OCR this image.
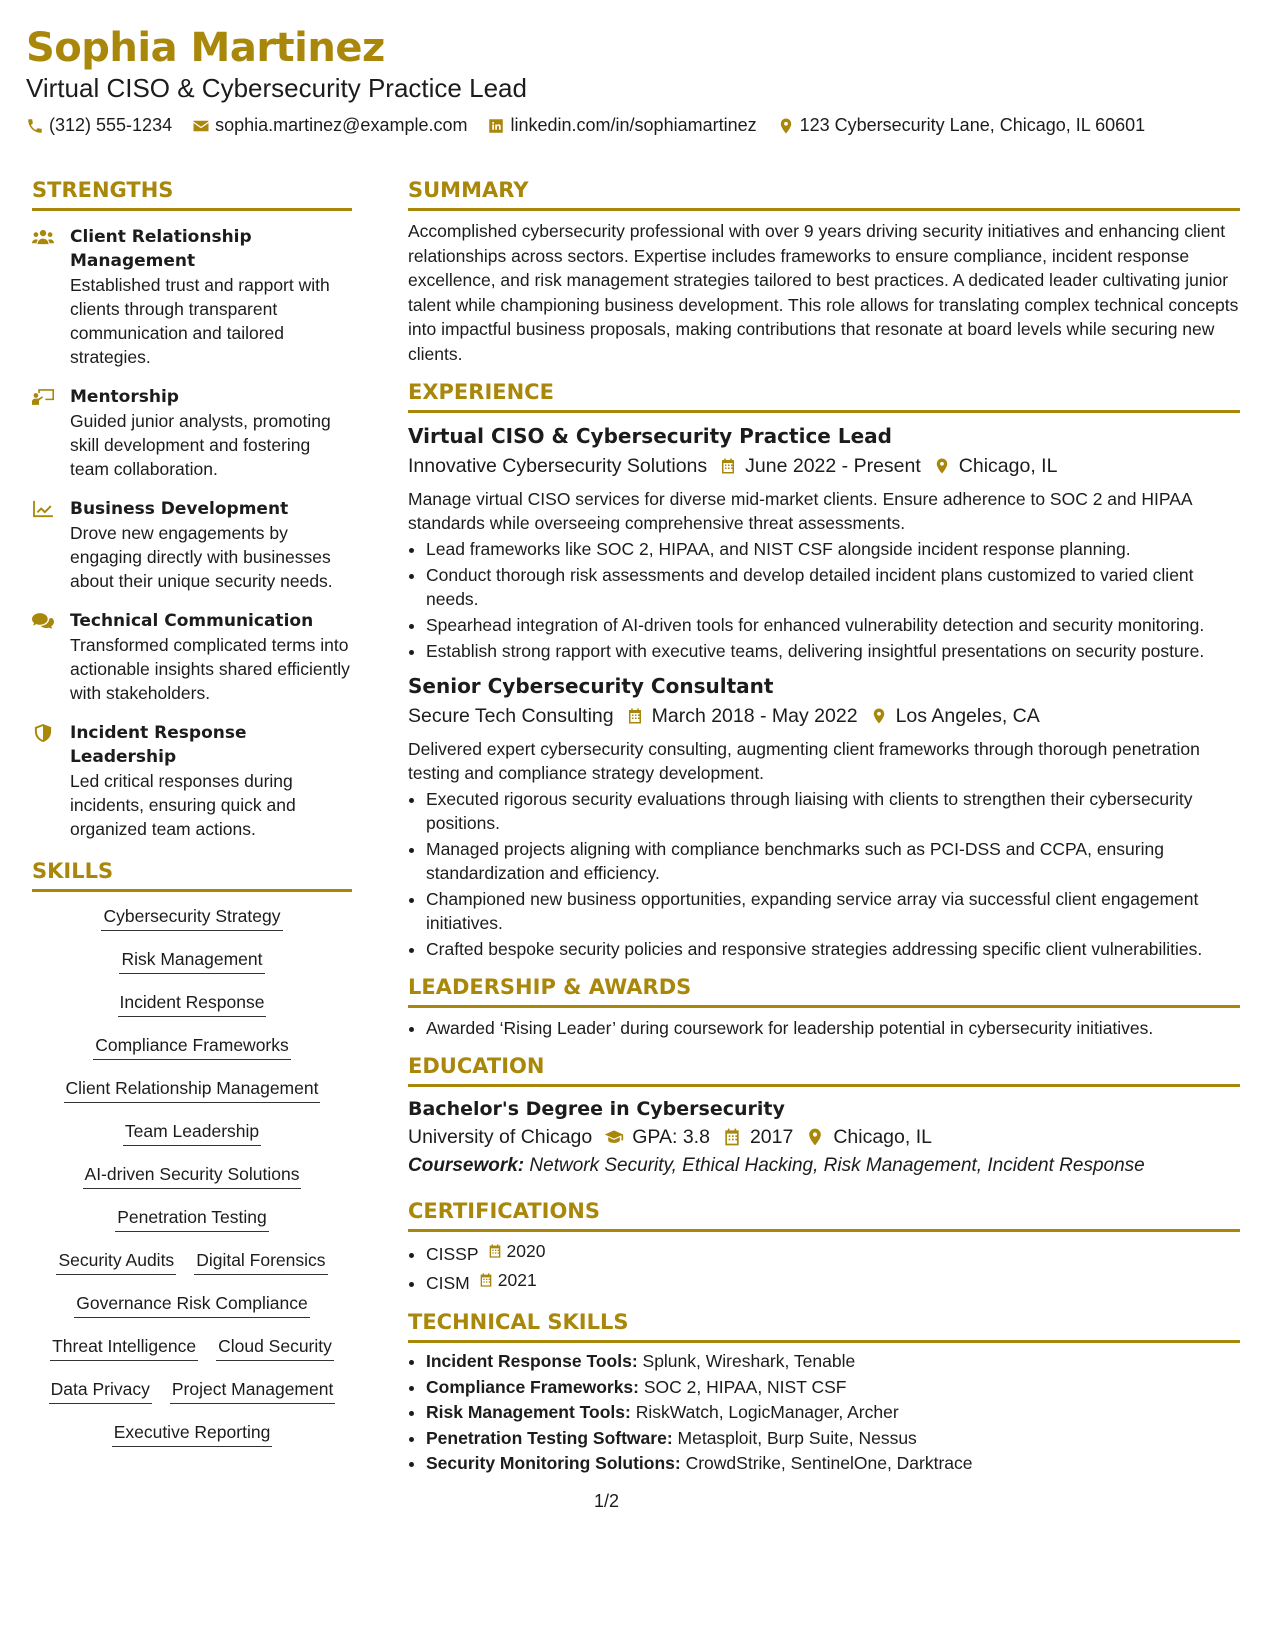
Sophia Martinez
Virtual CISO & Cybersecurity Practice Lead
(312) 555-1234 sophia.martinez@example.com linkedin.com/in/sophiamartinez 123 Cybersecurity Lane, Chicago, IL 60601
STRENGTHS
Client Relationship Management
Established trust and rapport with clients through transparent communication and tailored strategies.
Mentorship
Guided junior analysts, promoting skill development and fostering team collaboration.
Business Development
Drove new engagements by engaging directly with businesses about their unique security needs.
Technical Communication
Transformed complicated terms into actionable insights shared efficiently with stakeholders.
Incident Response Leadership
Led critical responses during incidents, ensuring quick and organized team actions.
SKILLS
Cybersecurity Strategy
Risk Management
Incident Response
Compliance Frameworks
Client Relationship Management
Team Leadership
AI-driven Security Solutions
Penetration Testing
Security Audits Digital Forensics
Governance Risk Compliance
Threat Intelligence Cloud Security
Data Privacy Project Management
Executive Reporting
SUMMARY
Accomplished cybersecurity professional with over 9 years driving security initiatives and enhancing client relationships across sectors. Expertise includes frameworks to ensure compliance, incident response excellence, and risk management strategies tailored to best practices. A dedicated leader cultivating junior talent while championing business development. This role allows for translating complex technical concepts into impactful business proposals, making contributions that resonate at board levels while securing new clients.
EXPERIENCE
Virtual CISO & Cybersecurity Practice Lead
Innovative Cybersecurity Solutions June 2022 - Present Chicago, IL
Manage virtual CISO services for diverse mid-market clients. Ensure adherence to SOC 2 and HIPAA standards while overseeing comprehensive threat assessments.
• Lead frameworks like SOC 2, HIPAA, and NIST CSF alongside incident response planning.
• Conduct thorough risk assessments and develop detailed incident plans customized to varied client needs.
• Spearhead integration of AI-driven tools for enhanced vulnerability detection and security monitoring.
• Establish strong rapport with executive teams, delivering insightful presentations on security posture.
Senior Cybersecurity Consultant
Secure Tech Consulting March 2018 - May 2022 Los Angeles, CA
Delivered expert cybersecurity consulting, augmenting client frameworks through thorough penetration testing and compliance strategy development.
• Executed rigorous security evaluations through liaising with clients to strengthen their cybersecurity positions.
• Managed projects aligning with compliance benchmarks such as PCI-DSS and CCPA, ensuring standardization and efficiency.
• Championed new business opportunities, expanding service array via successful client engagement initiatives.
• Crafted bespoke security policies and responsive strategies addressing specific client vulnerabilities.
LEADERSHIP & AWARDS
• Awarded ‘Rising Leader’ during coursework for leadership potential in cybersecurity initiatives.
EDUCATION
Bachelor's Degree in Cybersecurity
University of Chicago GPA: 3.8 2017 Chicago, IL
Coursework: Network Security, Ethical Hacking, Risk Management, Incident Response
CERTIFICATIONS
• CISSP 2020
• CISM 2021
TECHNICAL SKILLS
• Incident Response Tools: Splunk, Wireshark, Tenable
• Compliance Frameworks: SOC 2, HIPAA, NIST CSF
• Risk Management Tools: RiskWatch, LogicManager, Archer
• Penetration Testing Software: Metasploit, Burp Suite, Nessus
• Security Monitoring Solutions: CrowdStrike, SentinelOne, Darktrace
1/2
